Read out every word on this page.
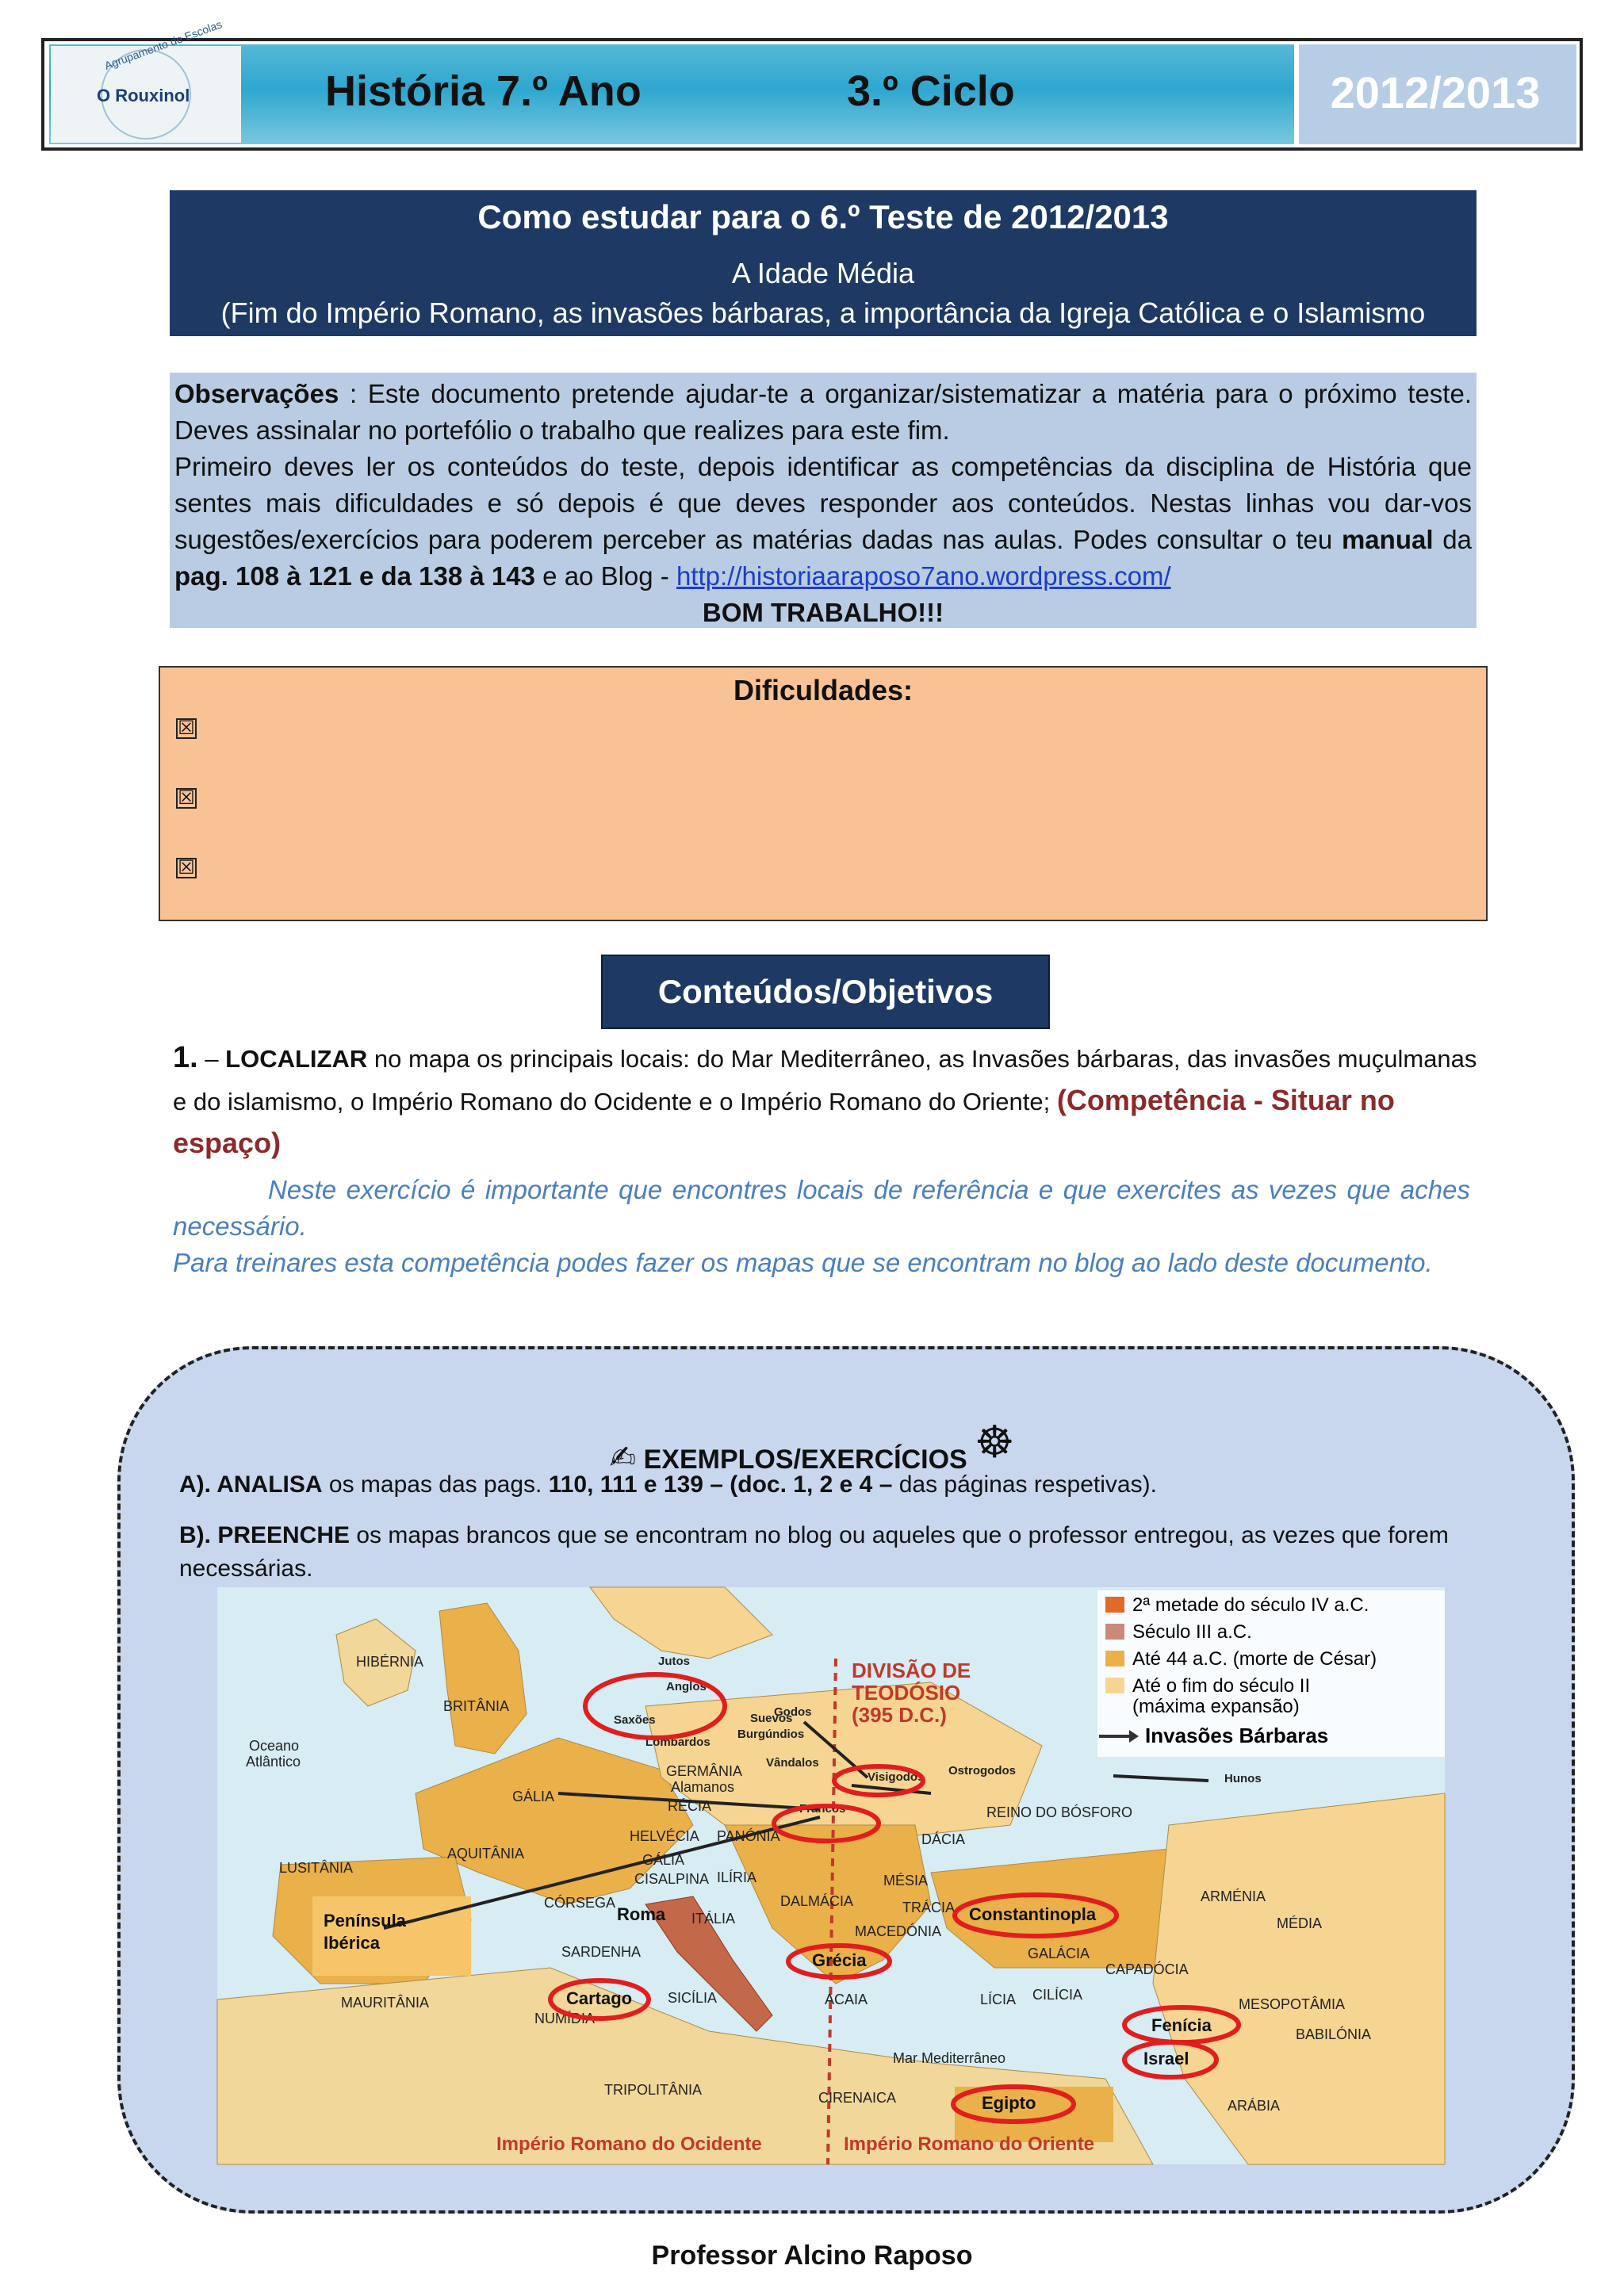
Agrupamento de Escolas
O Rouxinol	História 7.º Ano	3.º Ciclo	2012/2013
Como estudar para o 6.º Teste de 2012/2013
A Idade Média
(Fim do Império Romano, as invasões bárbaras, a importância da Igreja Católica e o Islamismo

Observações : Este documento pretende ajudar-te a organizar/sistematizar a matéria para o próximo teste. Deves assinalar no portefólio o trabalho que realizes para este fim.

Primeiro deves ler os conteúdos do teste, depois identificar as competências da disciplina de História que sentes mais dificuldades e só depois é que deves responder aos conteúdos. Nestas linhas vou dar-vos sugestões/exercícios para poderem perceber as matérias dadas nas aulas. Podes consultar o teu manual da pag. 108 à 121 e da 138 à 143 e ao Blog - http://historiaaraposo7ano.wordpress.com/

BOM TRABALHO!!!

Dificuldades:
☒
☒
☒
Conteúdos/Objetivos
1. – LOCALIZAR no mapa os principais locais: do Mar Mediterrâneo, as Invasões bárbaras, das invasões muçulmanas e do islamismo, o Império Romano do Ocidente e o Império Romano do Oriente; (Competência - Situar no espaço)

Neste exercício é importante que encontres locais de referência e que exercites as vezes que aches necessário.

Para treinares esta competência podes fazer os mapas que se encontram no blog ao lado deste documento.

✍ EXEMPLOS/EXERCÍCIOS ☸
A). ANALISA os mapas das pags. 110, 111 e 139 – (doc. 1, 2 e 4 – das páginas respetivas).
B). PREENCHE os mapas brancos que se encontram no blog ou aqueles que o professor entregou, as vezes que forem necessárias.
2ª metade do século IV a.C.
Século III a.C.
Até 44 a.C. (morte de César)
Até o fim do século II
(máxima expansão)
Invasões Bárbaras
DIVISÃO DE
TEODÓSIO
(395 D.C.)
HIBÉRNIA
BRITÂNIA
Oceano
Atlântico
GÁLIA
LUSITÂNIA
AQUITÂNIA
HELVÉCIA
GERMÂNIA
Alamanos
RÉCIA
PANÓNIA	DÁCIA
MÉSIA
TRÁCIA
ILÍRIA
DALMÁCIA
MACEDÓNIA
CÓRSEGA
SARDENHA
ITÁLIA
CISALPINA
GÁLIA
SICÍLIA
NUMÍDIA
MAURITÂNIA
TRIPOLITÂNIA	CIRENAICA
ACAIA	LÍCIA CILÍCIA
GALÁCIA
CAPADÓCIA
ARMÉNIA
MÉDIA
MESOPOTÂMIA
BABILÓNIA
ARÁBIA
REINO DO BÓSFORO
Mar Mediterrâneo
Jutos
Anglos
Saxões	Suevos
Godos
Burgúndios
Lombardos
Vândalos
Visigodos Ostrogodos
Francos
Hunos
Península
Ibérica
Roma
Cartago
Grécia
Constantinopla
Fenícia
Israel
Egipto
Império Romano do Ocidente	Império Romano do Oriente
Professor Alcino Raposo
